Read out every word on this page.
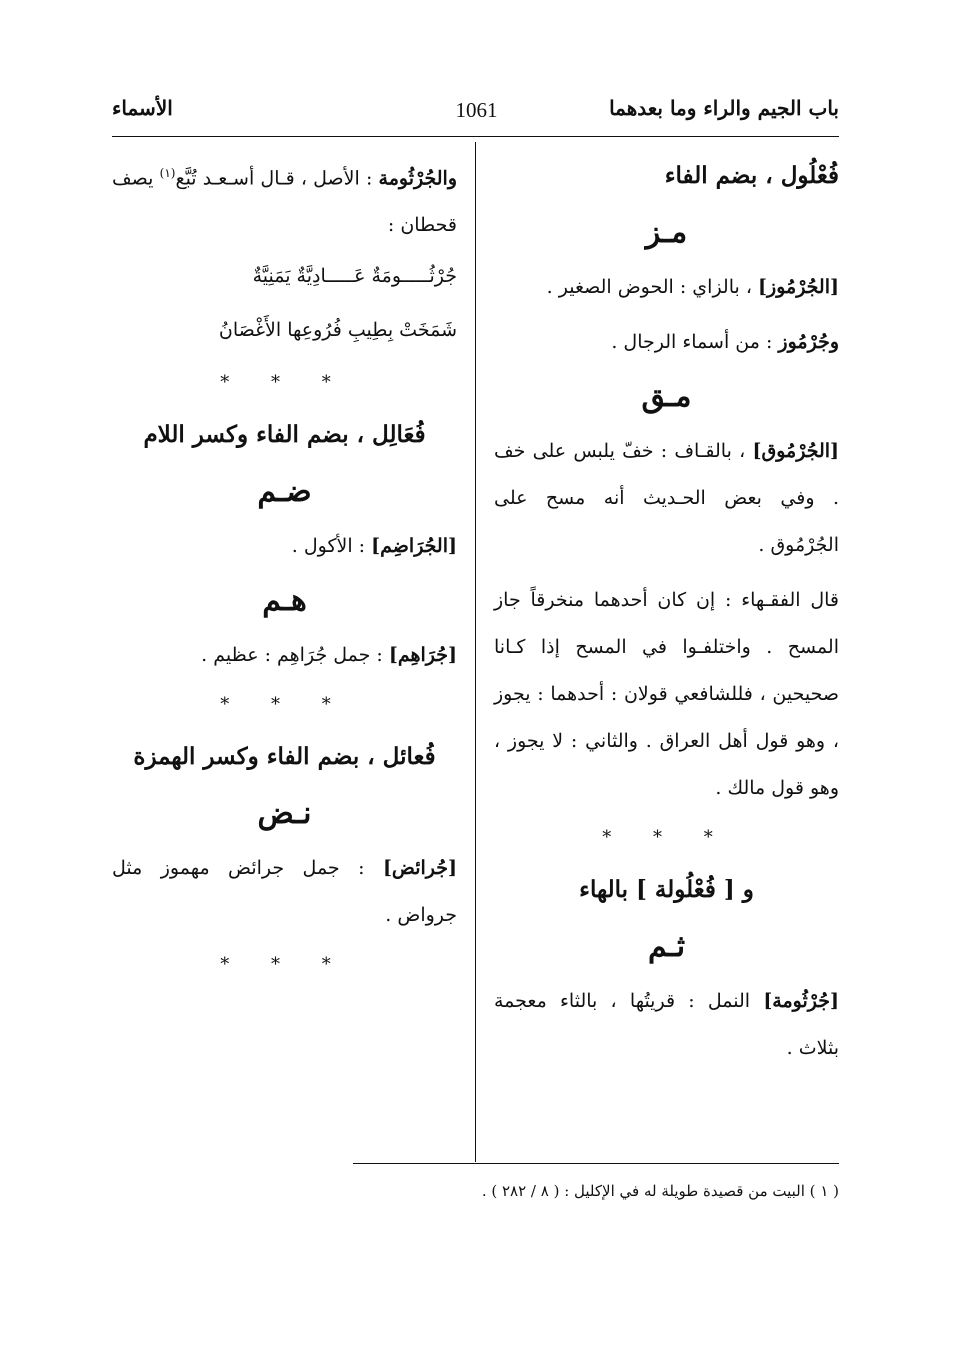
باب الجيم والراء وما بعدهما
1061
الأسماء

فُعْلُول ، بضم الفاء

مـز

[الجُرْمُوز] ، بالزاي : الحوض الصغير .

وجُرْمُوز : من أسماء الرجال .

مـق

[الجُرْمُوق] ، بالقـاف : خفّ يلبس على خف . وفي بعض الحـديث أنه مسح على الجُرْمُوق .

قال الفقـهاء : إن كان أحدهما منخرقاً جاز المسح . واختلفـوا في المسح إذا كـانا صحيحين ، فللشافعي قولان : أحدهما : يجوز ، وهو قول أهل العراق . والثاني : لا يجوز ، وهو قول مالك .

* * *

و [ فُعْلُولة ] بالهاء

ثـم

[جُرْثُومة] النمل : قريتُها ، بالثاء معجمة بثلاث .

والجُرْثُومة : الأصل ، قـال أسـعـد تُبَّع$^{(١)}$ يصف قحطان :

جُرْثُـــــومَةٌ عَـــــادِيَّةٌ يَمَنِيَّةٌ

شَمَخَتْ بِطِيبِ فُرُوعِها الأَغْصَانُ

* * *

فُعَالِل ، بضم الفاء وكسر اللام

ضـم

[الجُرَاضِم] : الأكول .

هـم

[جُرَاهِم] : جمل جُرَاهِم : عظيم .

* * *

فُعائل ، بضم الفاء وكسر الهمزة

نـض

[جُرائض] : جمل جرائض مهموز مثل جرواض .

* * *

( ١ ) البيت من قصيدة طويلة له في الإكليل : ( ٨ / ٢٨٢ ) .
